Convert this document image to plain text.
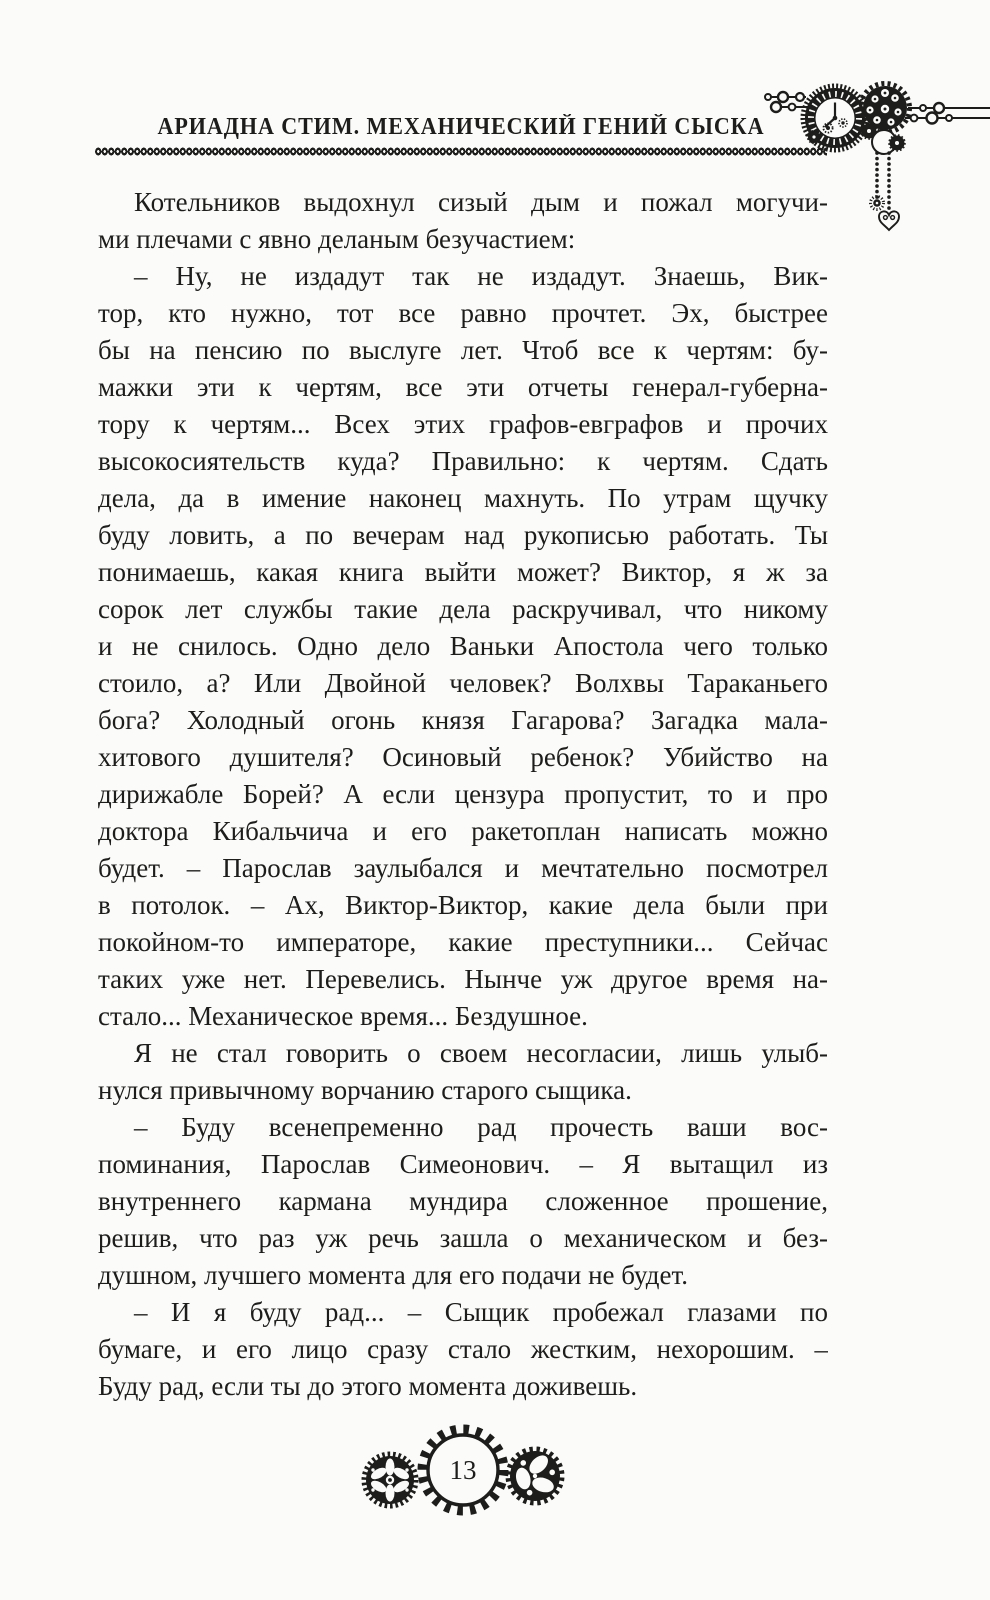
АРИАДНА СТИМ. МЕХАНИЧЕСКИЙ ГЕНИЙ СЫСКА
Котельников выдохнул сизый дым и пожал могучи-
ми плечами с явно деланым безучастием:
– Ну, не издадут так не издадут. Знаешь, Вик-
тор, кто нужно, тот все равно прочтет. Эх, быстрее
бы на пенсию по выслуге лет. Чтоб все к чертям: бу-
мажки эти к чертям, все эти отчеты генерал-губерна-
тору к чертям... Всех этих графов-евграфов и прочих
высокосиятельств куда? Правильно: к чертям. Сдать
дела, да в имение наконец махнуть. По утрам щучку
буду ловить, а по вечерам над рукописью работать. Ты
понимаешь, какая книга выйти может? Виктор, я ж за
сорок лет службы такие дела раскручивал, что никому
и не снилось. Одно дело Ваньки Апостола чего только
стоило, а? Или Двойной человек? Волхвы Тараканьего
бога? Холодный огонь князя Гагарова? Загадка мала-
хитового душителя? Осиновый ребенок? Убийство на
дирижабле Борей? А если цензура пропустит, то и про
доктора Кибальчича и его ракетоплан написать можно
будет. – Парослав заулыбался и мечтательно посмотрел
в потолок. – Ах, Виктор-Виктор, какие дела были при
покойном-то императоре, какие преступники... Сейчас
таких уже нет. Перевелись. Нынче уж другое время на-
стало... Механическое время... Бездушное.
Я не стал говорить о своем несогласии, лишь улыб-
нулся привычному ворчанию старого сыщика.
– Буду всенепременно рад прочесть ваши вос-
поминания, Парослав Симеонович. – Я вытащил из
внутреннего кармана мундира сложенное прошение,
решив, что раз уж речь зашла о механическом и без-
душном, лучшего момента для его подачи не будет.
– И я буду рад... – Сыщик пробежал глазами по
бумаге, и его лицо сразу стало жестким, нехорошим. –
Буду рад, если ты до этого момента доживешь.
13
